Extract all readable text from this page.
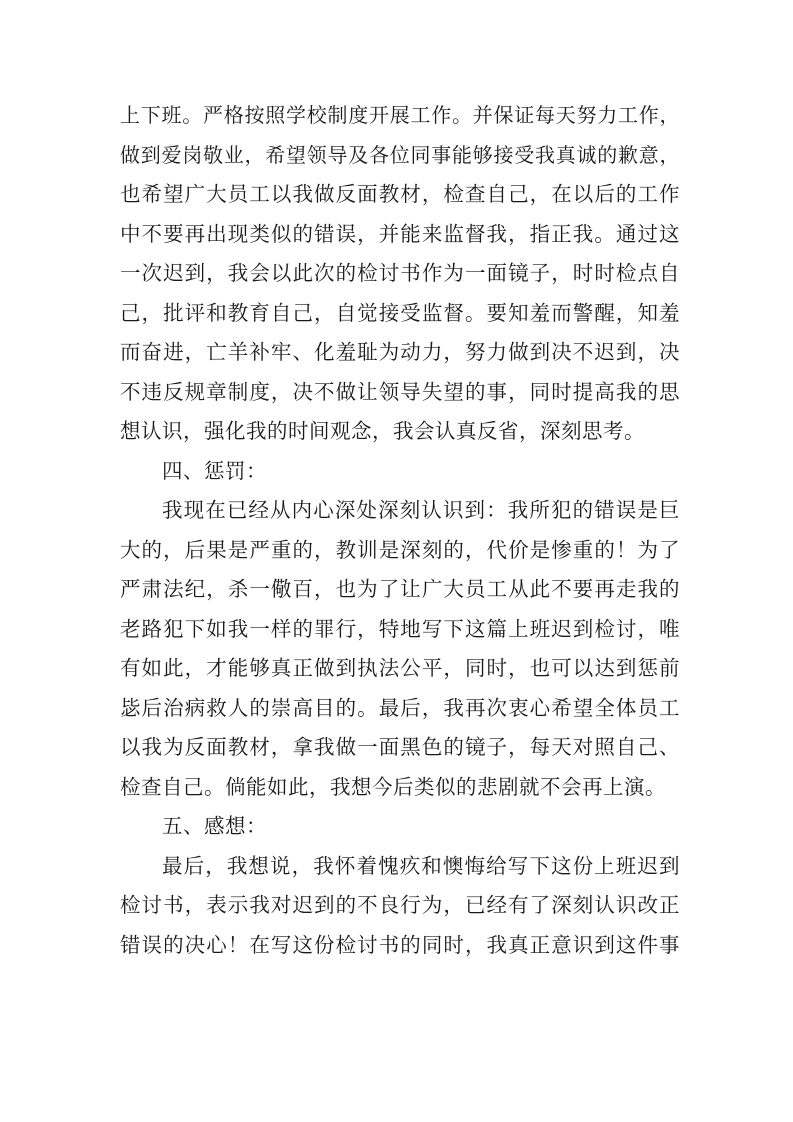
上下班。严格按照学校制度开展工作。并保证每天努力工作，
做到爱岗敬业，希望领导及各位同事能够接受我真诚的歉意，
也希望广大员工以我做反面教材，检查自己，在以后的工作
中不要再出现类似的错误，并能来监督我，指正我。通过这
一次迟到，我会以此次的检讨书作为一面镜子，时时检点自
己，批评和教育自己，自觉接受监督。要知羞而警醒，知羞
而奋进，亡羊补牢、化羞耻为动力，努力做到决不迟到，决
不违反规章制度，决不做让领导失望的事，同时提高我的思
想认识，强化我的时间观念，我会认真反省，深刻思考。
四、惩罚：
我现在已经从内心深处深刻认识到：我所犯的错误是巨
大的，后果是严重的，教训是深刻的，代价是惨重的！为了
严肃法纪，杀一儆百，也为了让广大员工从此不要再走我的
老路犯下如我一样的罪行，特地写下这篇上班迟到检讨，唯
有如此，才能够真正做到执法公平，同时，也可以达到惩前
毖后治病救人的崇高目的。最后，我再次衷心希望全体员工
以我为反面教材，拿我做一面黑色的镜子，每天对照自己、
检查自己。倘能如此，我想今后类似的悲剧就不会再上演。
五、感想：
最后，我想说，我怀着愧疚和懊悔给写下这份上班迟到
检讨书，表示我对迟到的不良行为，已经有了深刻认识改正
错误的决心！在写这份检讨书的同时，我真正意识到这件事
